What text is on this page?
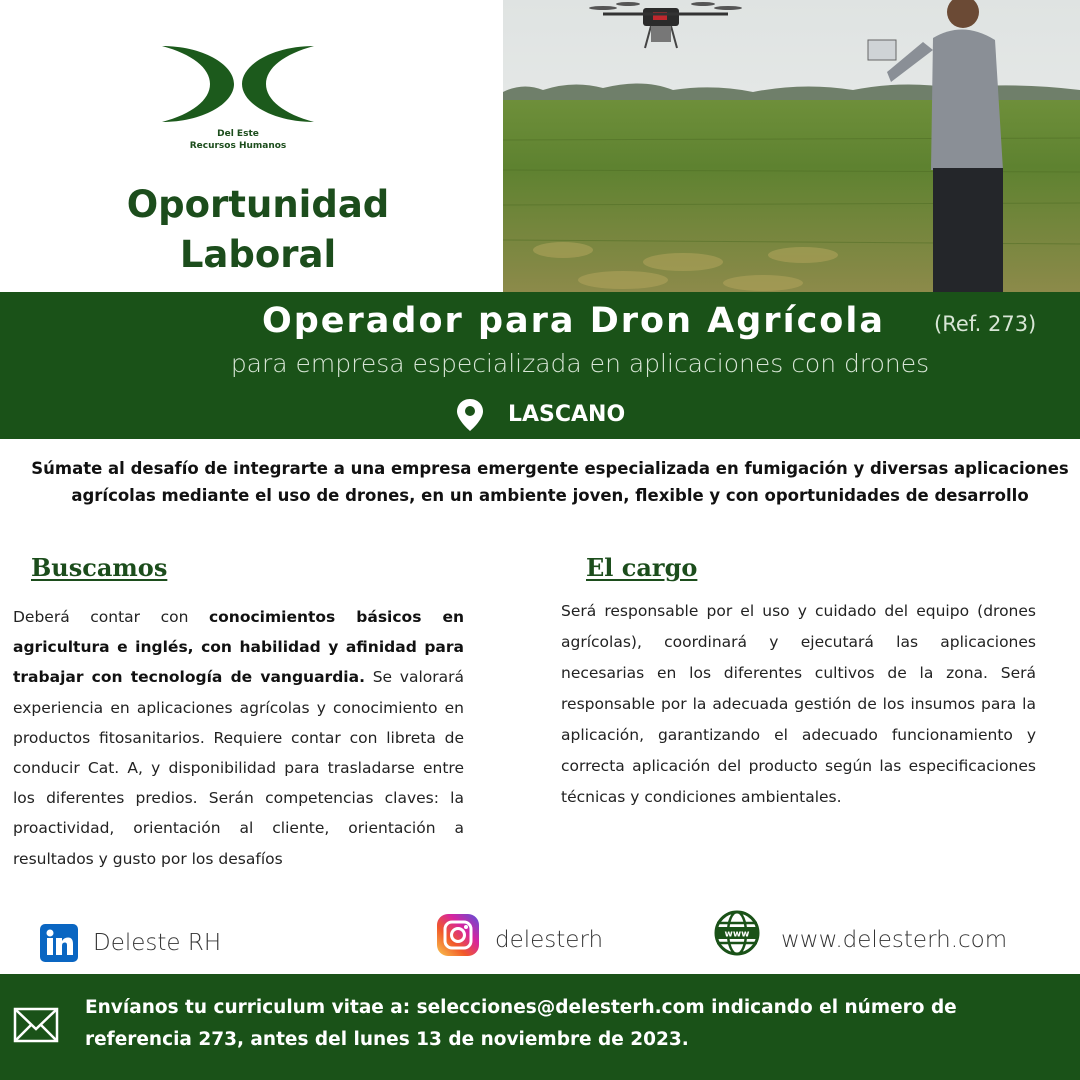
Del Este
Recursos Humanos
Oportunidad
Laboral
Operador para Dron Agrícola (Ref. 273)
para empresa especializada en aplicaciones con drones
LASCANO
Súmate al desafío de integrarte a una empresa emergente especializada en fumigación y diversas aplicaciones agrícolas mediante el uso de drones, en un ambiente joven, flexible y con oportunidades de desarrollo
Buscamos
Deberá contar con conocimientos básicos en agricultura e inglés, con habilidad y afinidad para trabajar con tecnología de vanguardia. Se valorará experiencia en aplicaciones agrícolas y conocimiento en productos fitosanitarios. Requiere contar con libreta de conducir Cat. A, y disponibilidad para trasladarse entre los diferentes predios. Serán competencias claves: la proactividad, orientación al cliente, orientación a resultados y gusto por los desafíos
El cargo
Será responsable por el uso y cuidado del equipo (drones agrícolas), coordinará y ejecutará las aplicaciones necesarias en los diferentes cultivos de la zona. Será responsable por la adecuada gestión de los insumos para la aplicación, garantizando el adecuado funcionamiento y correcta aplicación del producto según las especificaciones técnicas y condiciones ambientales.
Deleste RH	delesterh	www www.delesterh.com
Envíanos tu curriculum vitae a: selecciones@delesterh.com indicando el número de referencia 273, antes del lunes 13 de noviembre de 2023.
